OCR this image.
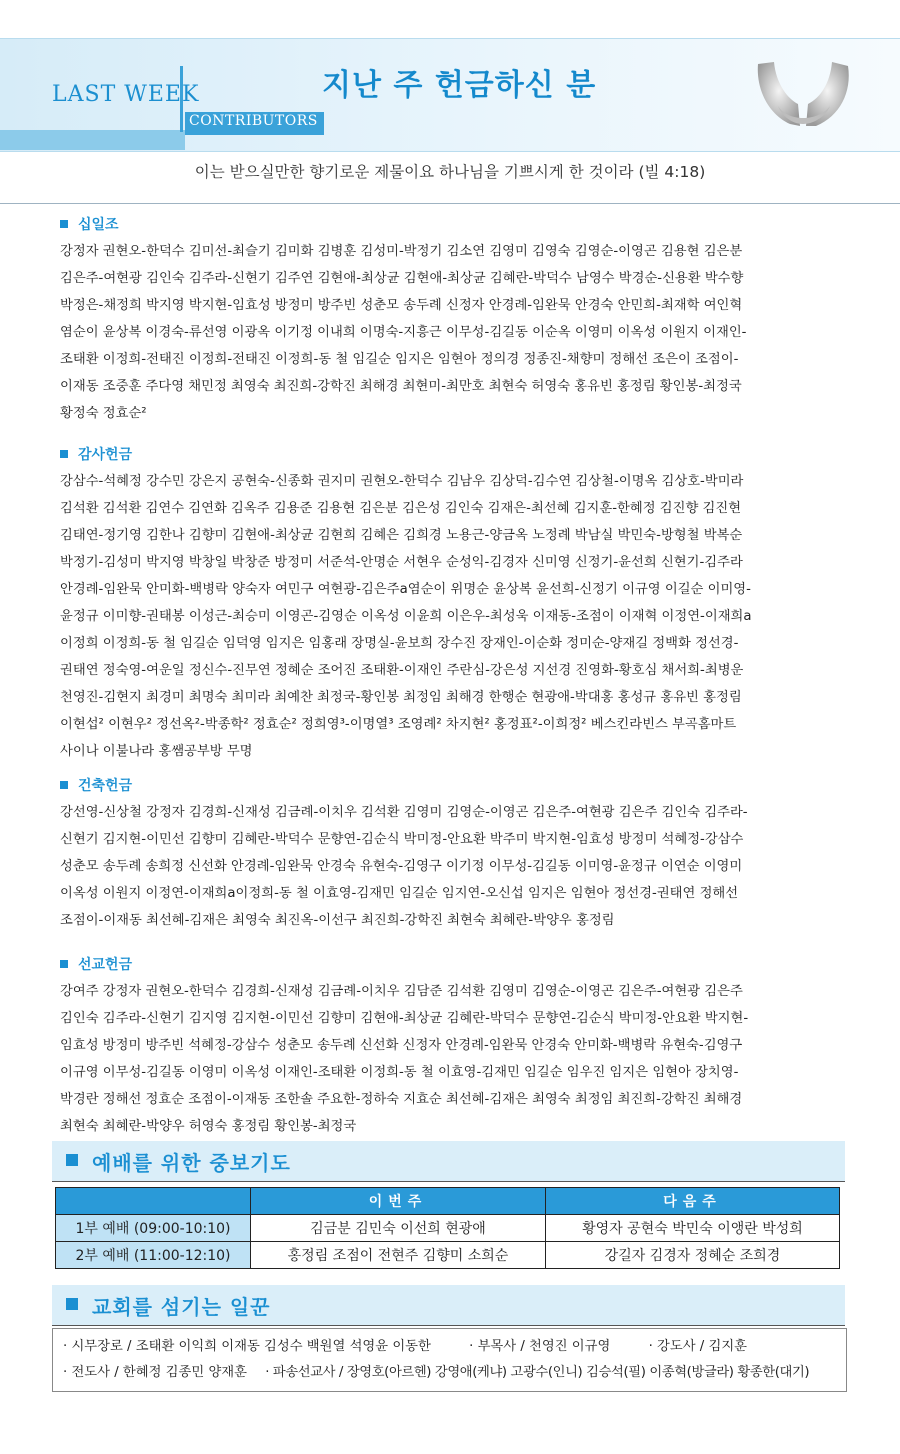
LAST WEEK
CONTRIBUTORS
지난 주 헌금하신 분
이는 받으실만한 향기로운 제물이요 하나님을 기쁘시게 한 것이라 (빌 4:18)
십일조
강정자 권현오-한덕수 김미선-최슬기 김미화 김병훈 김성미-박정기 김소연 김영미 김영숙 김영순-이영곤 김용현 김은분
김은주-여현광 김인숙 김주라-신현기 김주연 김현애-최상균 김현애-최상균 김혜란-박덕수 남영수 박경순-신용환 박수향
박정은-채정희 박지영 박지현-임효성 방정미 방주빈 성춘모 송두례 신정자 안경례-임완묵 안경숙 안민희-최재학 여인혁
염순이 윤상복 이경숙-류선영 이광옥 이기정 이내희 이명숙-지흥근 이무성-김길동 이순옥 이영미 이옥성 이원지 이재인-
조태환 이정희-전태진 이정희-전태진 이정희-동 철 임길순 임지은 임현아 정의경 정종진-채향미 정해선 조은이 조점이-
이재동 조중훈 주다영 채민정 최영숙 최진희-강학진 최해경 최현미-최만호 최현숙 허영숙 홍유빈 홍정림 황인봉-최정국
황정숙 정효순²
감사헌금
강삼수-석혜정 강수민 강은지 공현숙-신종화 권지미 권현오-한덕수 김남우 김상덕-김수연 김상철-이명옥 김상호-박미라
김석환 김석환 김연수 김연화 김옥주 김용준 김용현 김은분 김은성 김인숙 김재은-최선혜 김지훈-한혜정 김진향 김진현
김태연-정기영 김한나 김향미 김현애-최상균 김현희 김혜은 김희경 노용근-양금옥 노정례 박남실 박민숙-방형철 박복순
박정기-김성미 박지영 박창일 박창준 방정미 서준석-안명순 서현우 순성익-김경자 신미영 신정기-윤선희 신현기-김주라
안경례-임완묵 안미화-백병락 양숙자 여민구 여현광-김은주a염순이 위명순 윤상복 윤선희-신정기 이규영 이길순 이미영-
윤정규 이미향-권태봉 이성근-최승미 이영곤-김영순 이옥성 이윤희 이은우-최성욱 이재동-조점이 이재혁 이정연-이재희a
이정희 이정희-동 철 임길순 임덕영 임지은 임홍래 장명실-윤보희 장수진 장재인-이순화 정미순-양재길 정백화 정선경-
권태연 정숙영-여운일 정신수-진무연 정혜순 조어진 조태환-이재인 주란심-강은성 지선경 진영화-황호심 채서희-최병운
천영진-김현지 최경미 최명숙 최미라 최예찬 최정국-황인봉 최정임 최해경 한행순 현광애-박대홍 홍성규 홍유빈 홍정림
이현섭² 이현우² 정선옥²-박종학² 정효순² 정희영³-이명열³ 조영례² 차지현² 홍정표²-이희정² 베스킨라빈스 부곡홈마트
사이나 이불나라 홍쌤공부방 무명
건축헌금
강선영-신상철 강정자 김경희-신재성 김금례-이치우 김석환 김영미 김영순-이영곤 김은주-여현광 김은주 김인숙 김주라-
신현기 김지현-이민선 김향미 김혜란-박덕수 문향연-김순식 박미정-안요환 박주미 박지현-임효성 방정미 석혜정-강삼수
성춘모 송두례 송희정 신선화 안경례-임완묵 안경숙 유현숙-김영구 이기정 이무성-김길동 이미영-윤정규 이연순 이영미
이옥성 이원지 이정연-이재희a이정희-동 철 이효영-김재민 임길순 임지연-오신섭 임지은 임현아 정선경-권태연 정해선
조점이-이재동 최선혜-김재은 최영숙 최진옥-이선구 최진희-강학진 최현숙 최혜란-박양우 홍정림
선교헌금
강여주 강정자 권현오-한덕수 김경희-신재성 김금례-이치우 김담준 김석환 김영미 김영순-이영곤 김은주-여현광 김은주
김인숙 김주라-신현기 김지영 김지현-이민선 김향미 김현애-최상균 김혜란-박덕수 문향연-김순식 박미정-안요환 박지현-
임효성 방정미 방주빈 석혜정-강삼수 성춘모 송두례 신선화 신정자 안경례-임완묵 안경숙 안미화-백병락 유현숙-김영구
이규영 이무성-김길동 이영미 이옥성 이재인-조태환 이정희-동 철 이효영-김재민 임길순 임우진 임지은 임현아 장치영-
박경란 정해선 정효순 조점이-이재동 조한솔 주요한-정하숙 지효순 최선혜-김재은 최영숙 최정임 최진희-강학진 최해경
최현숙 최혜란-박양우 허영숙 홍정림 황인봉-최정국
예배를 위한 중보기도
	이번주	다음주
1부 예배 (09:00-10:10)	김금분 김민숙 이선희 현광애	황영자 공현숙 박민숙 이앵란 박성희
2부 예배 (11:00-12:10)	홍정림 조점이 전현주 김향미 소희순	강길자 김경자 정혜순 조희경
교회를 섬기는 일꾼
· 시무장로 / 조태환 이익희 이재동 김성수 백원열 석영윤 이동한	· 부목사 / 천영진 이규영	· 강도사 / 김지훈
· 전도사 / 한혜정 김종민 양재훈 · 파송선교사 / 장영호(아르헨) 강영애(케냐) 고광수(인니) 김승석(필) 이종혁(방글라) 황종한(대기)
